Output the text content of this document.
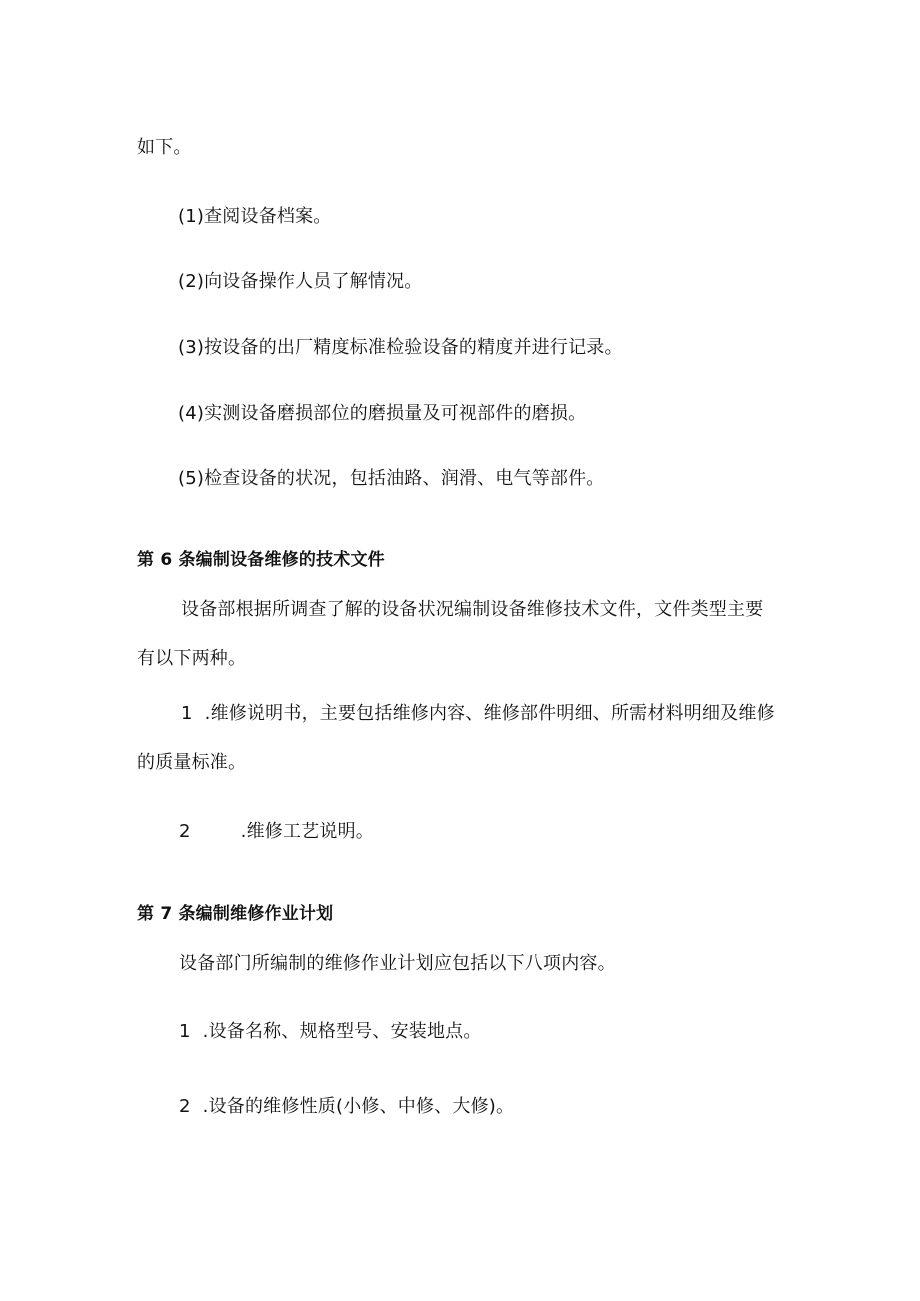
如下。
(1)查阅设备档案。
(2)向设备操作人员了解情况。
(3)按设备的出厂精度标准检验设备的精度并进行记录。
(4)实测设备磨损部位的磨损量及可视部件的磨损。
(5)检查设备的状况，包括油路、润滑、电气等部件。
第 6 条编制设备维修的技术文件
设备部根据所调查了解的设备状况编制设备维修技术文件，文件类型主要
有以下两种。
1 .维修说明书，主要包括维修内容、维修部件明细、所需材料明细及维修
的质量标准。
2	.维修工艺说明。
第 7 条编制维修作业计划
设备部门所编制的维修作业计划应包括以下八项内容。
1 .设备名称、规格型号、安装地点。
2 .设备的维修性质(小修、中修、大修)。
